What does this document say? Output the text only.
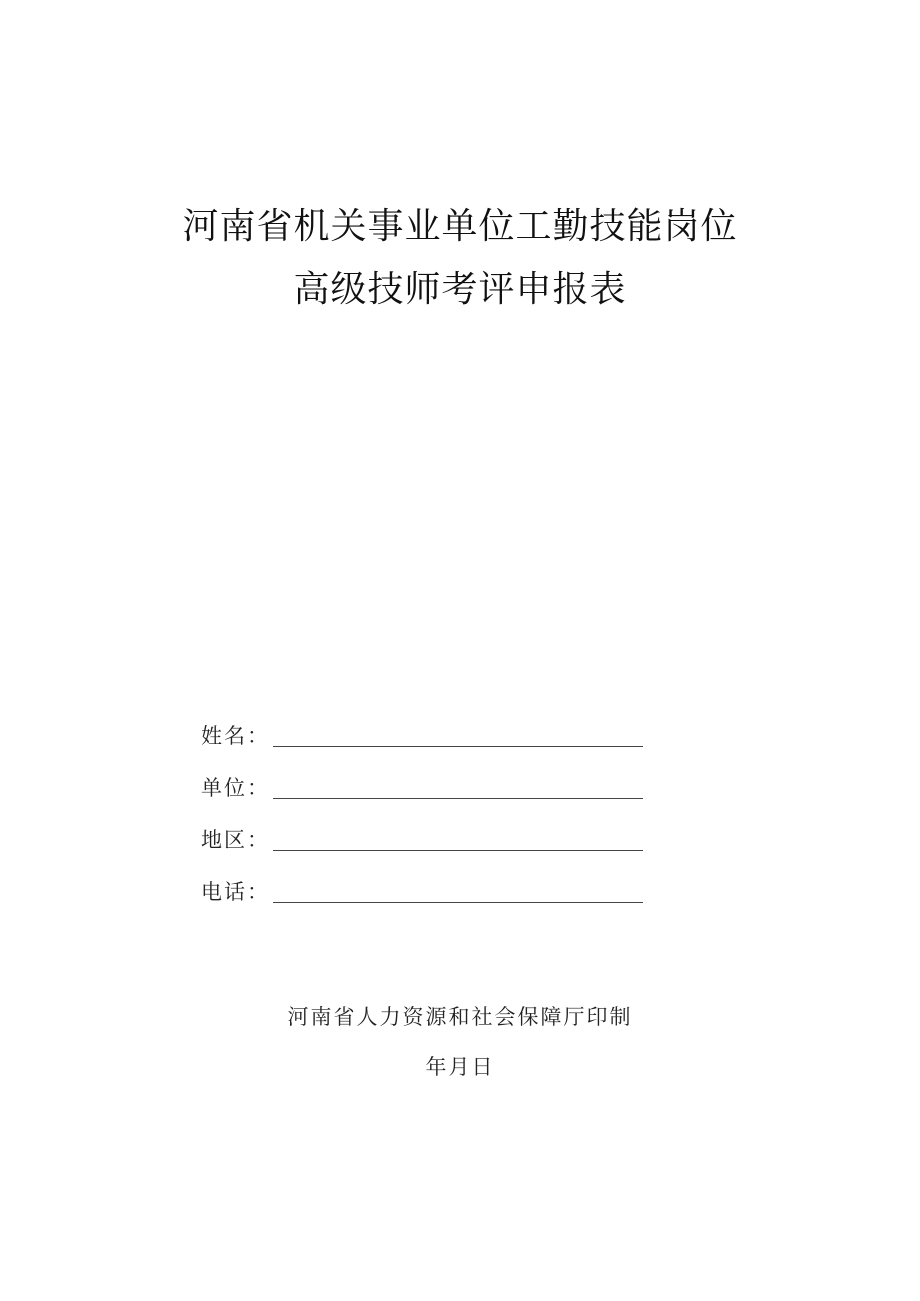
河南省机关事业单位工勤技能岗位
高级技师考评申报表
姓名：
单位：
地区：
电话：
河南省人力资源和社会保障厅印制
年月日
